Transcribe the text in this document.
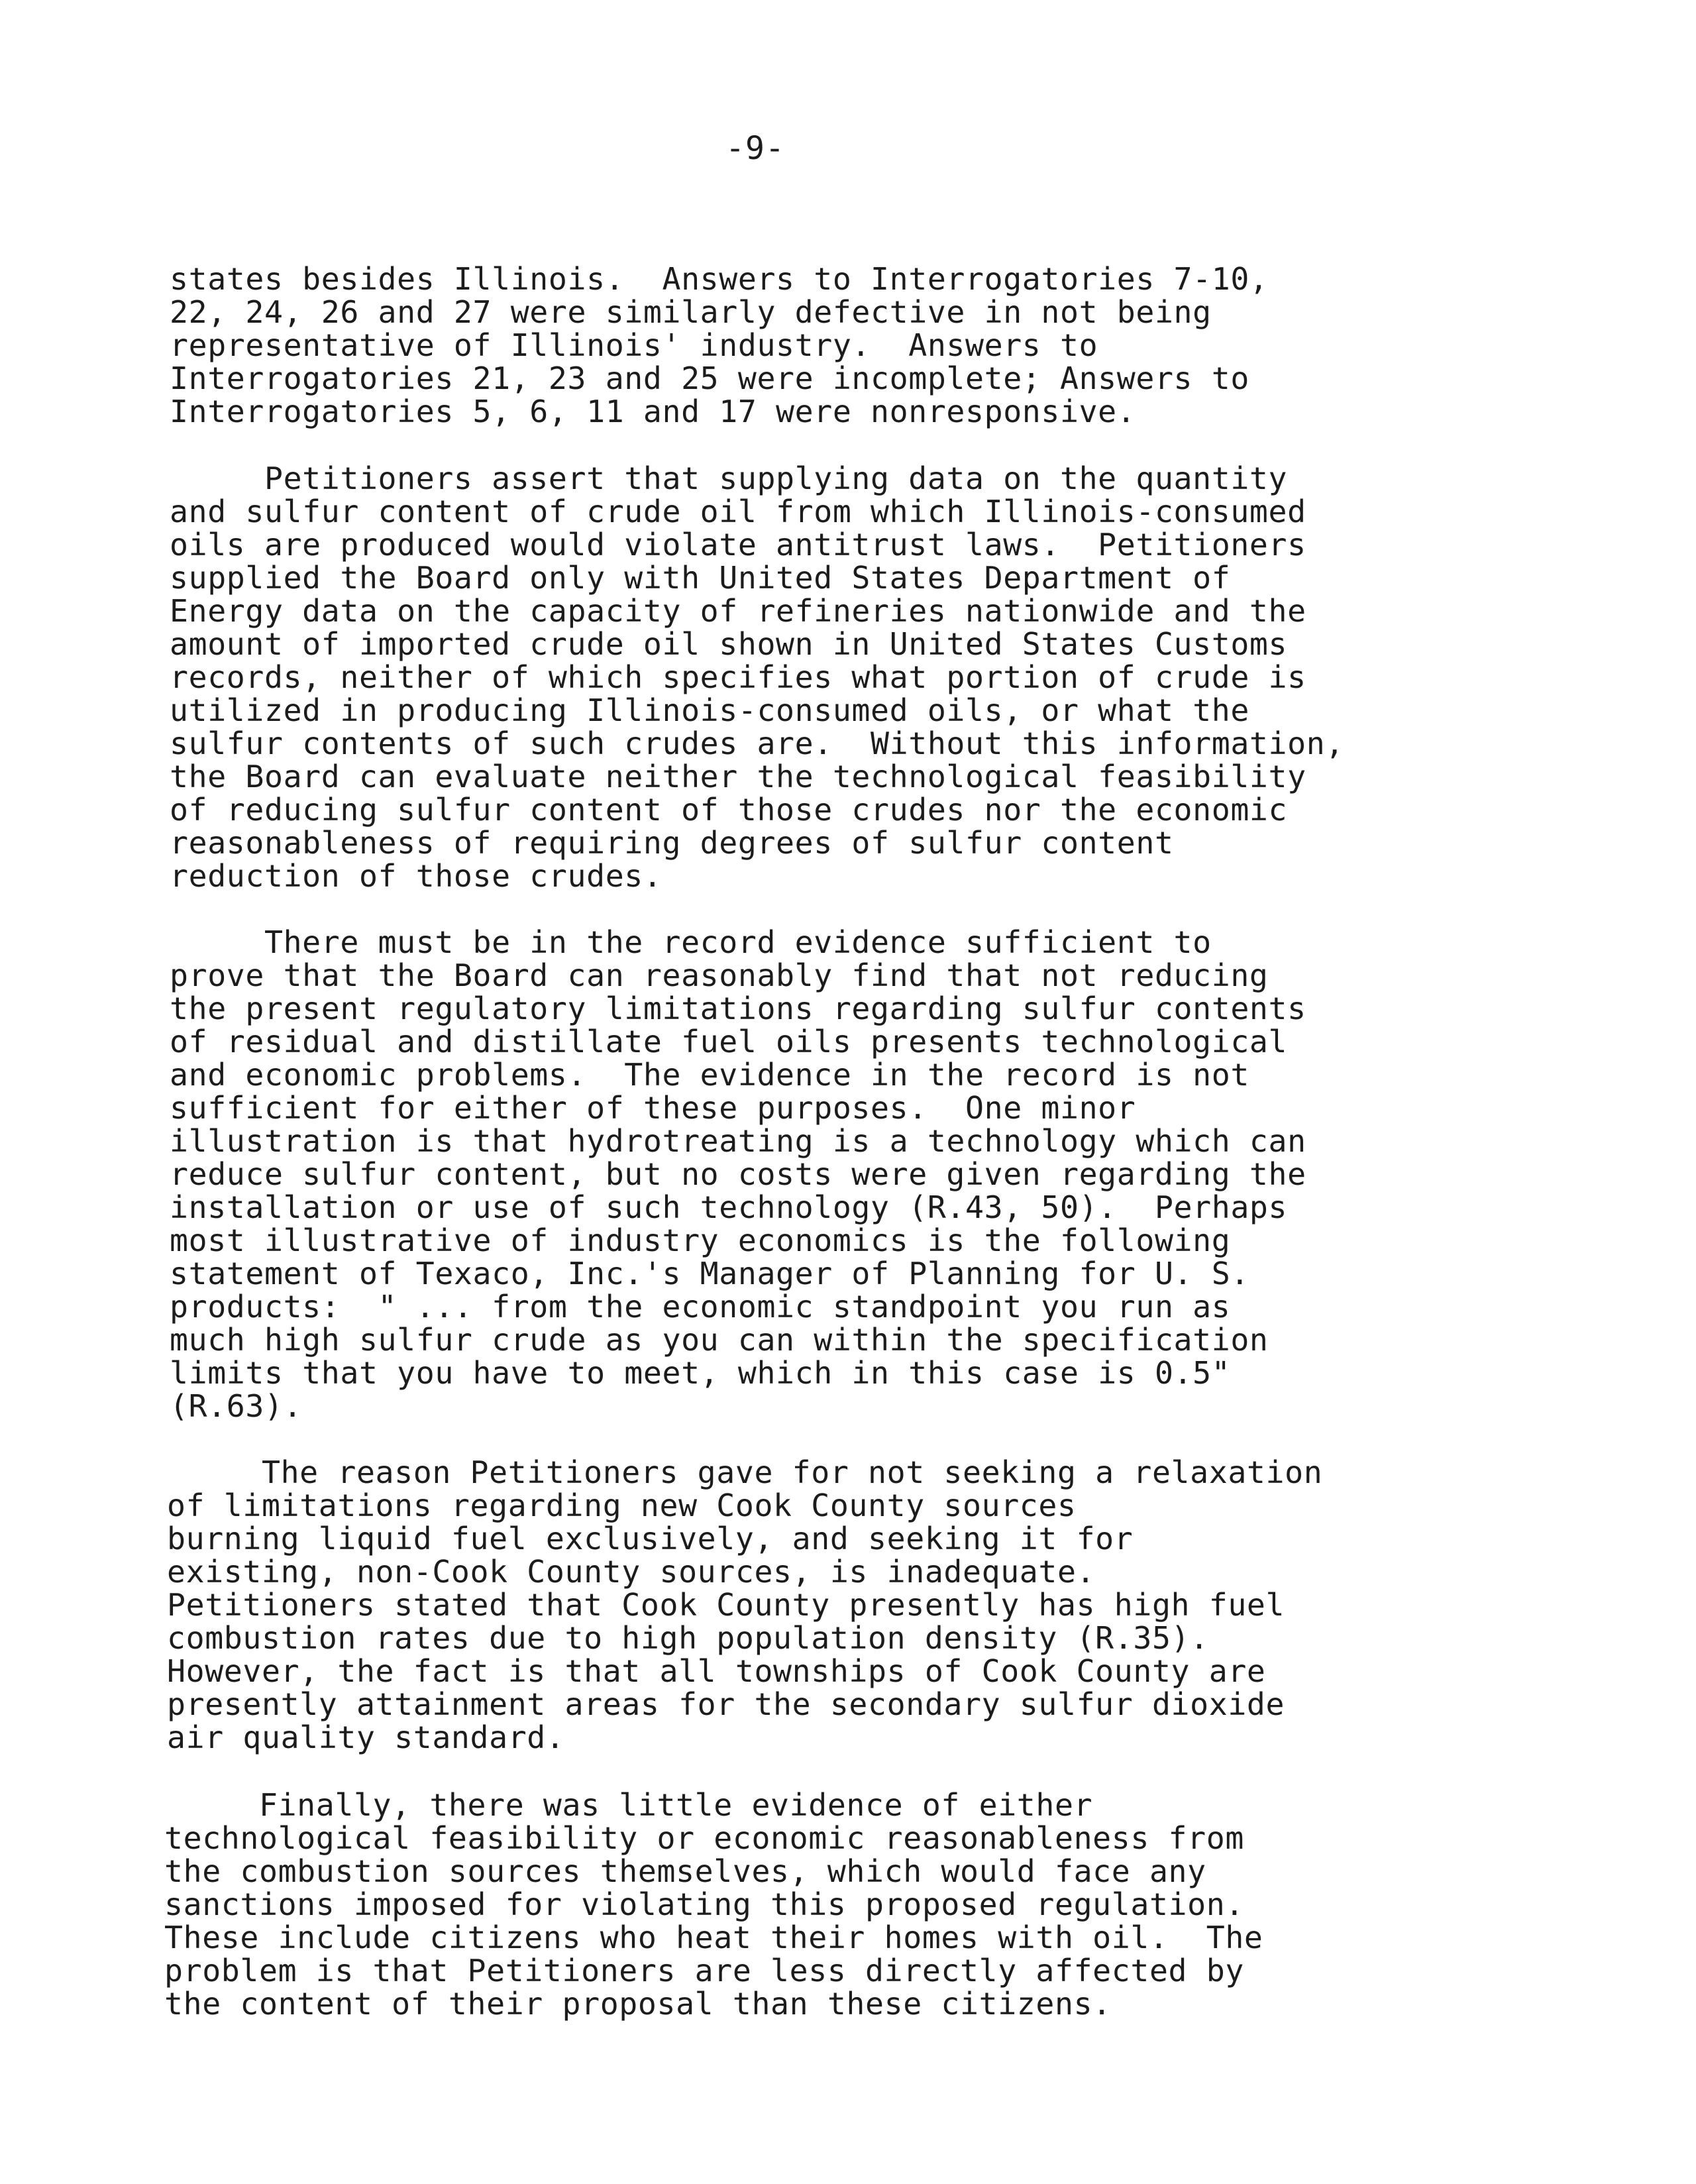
-9-
states besides Illinois.  Answers to Interrogatories 7-10,
22, 24, 26 and 27 were similarly defective in not being
representative of Illinois' industry.  Answers to
Interrogatories 21, 23 and 25 were incomplete; Answers to
Interrogatories 5, 6, 11 and 17 were nonresponsive.
Petitioners assert that supplying data on the quantity
and sulfur content of crude oil from which Illinois-consumed
oils are produced would violate antitrust laws.  Petitioners
supplied the Board only with United States Department of
Energy data on the capacity of refineries nationwide and the
amount of imported crude oil shown in United States Customs
records, neither of which specifies what portion of crude is
utilized in producing Illinois-consumed oils, or what the
sulfur contents of such crudes are.  Without this information,
the Board can evaluate neither the technological feasibility
of reducing sulfur content of those crudes nor the economic
reasonableness of requiring degrees of sulfur content
reduction of those crudes.
There must be in the record evidence sufficient to
prove that the Board can reasonably find that not reducing
the present regulatory limitations regarding sulfur contents
of residual and distillate fuel oils presents technological
and economic problems.  The evidence in the record is not
sufficient for either of these purposes.  One minor
illustration is that hydrotreating is a technology which can
reduce sulfur content, but no costs were given regarding the
installation or use of such technology (R.43, 50).  Perhaps
most illustrative of industry economics is the following
statement of Texaco, Inc.'s Manager of Planning for U. S.
products:  " ... from the economic standpoint you run as
much high sulfur crude as you can within the specification
limits that you have to meet, which in this case is 0.5"
(R.63).
The reason Petitioners gave for not seeking a relaxation
of limitations regarding new Cook County sources
burning liquid fuel exclusively, and seeking it for
existing, non-Cook County sources, is inadequate.
Petitioners stated that Cook County presently has high fuel
combustion rates due to high population density (R.35).
However, the fact is that all townships of Cook County are
presently attainment areas for the secondary sulfur dioxide
air quality standard.
Finally, there was little evidence of either
technological feasibility or economic reasonableness from
the combustion sources themselves, which would face any
sanctions imposed for violating this proposed regulation.
These include citizens who heat their homes with oil.  The
problem is that Petitioners are less directly affected by
the content of their proposal than these citizens.
